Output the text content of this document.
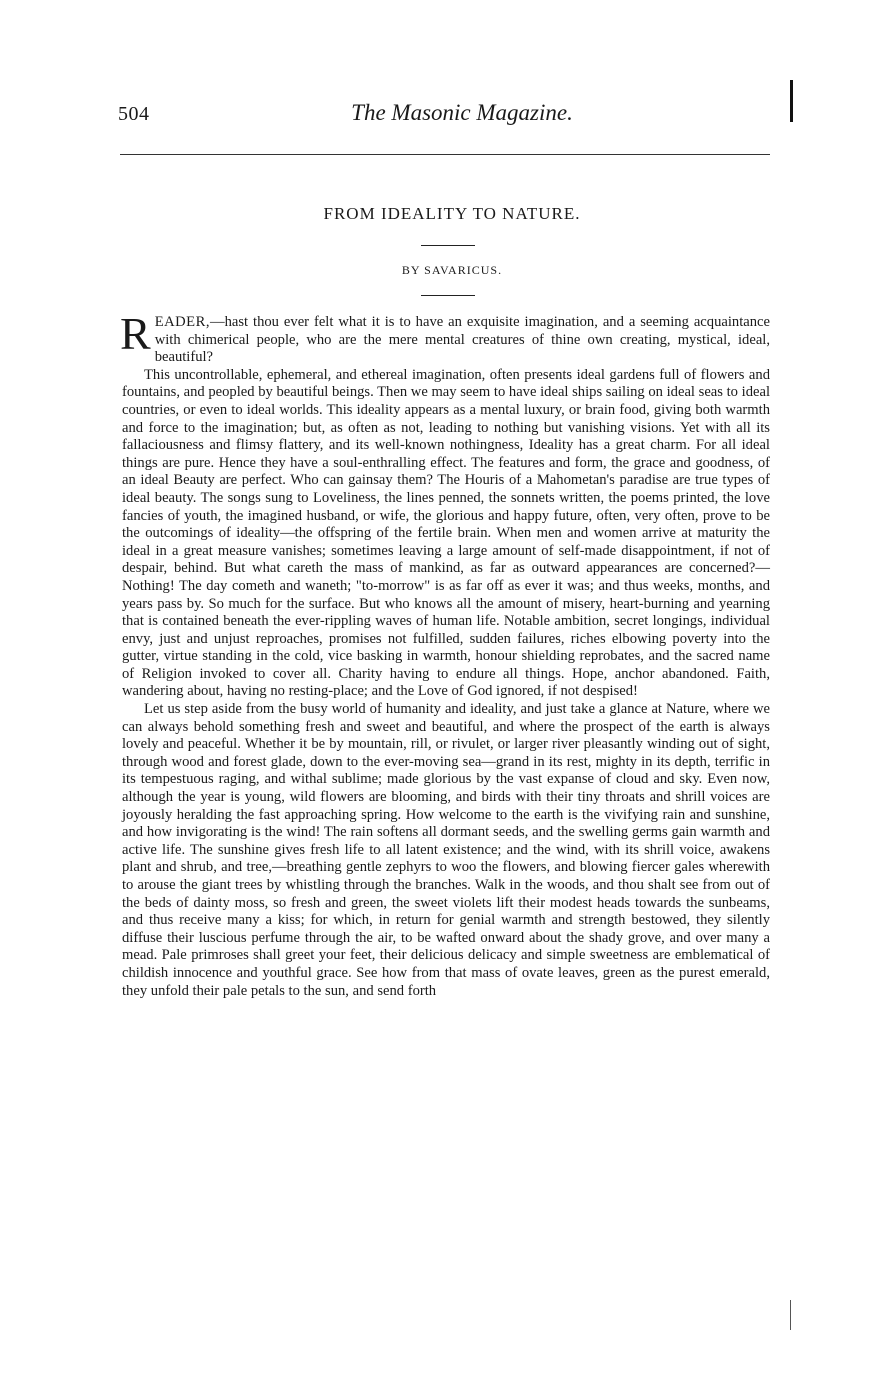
504	The Masonic Magazine.
FROM IDEALITY TO NATURE.
BY SAVARICUS.

READER,—hast thou ever felt what it is to have an exquisite imagination, and a seeming acquaintance with chimerical people, who are the mere mental creatures of thine own creating, mystical, ideal, beautiful?

This uncontrollable, ephemeral, and ethereal imagination, often presents ideal gardens full of flowers and fountains, and peopled by beautiful beings. Then we may seem to have ideal ships sailing on ideal seas to ideal countries, or even to ideal worlds. This ideality appears as a mental luxury, or brain food, giving both warmth and force to the imagination; but, as often as not, leading to nothing but vanishing visions. Yet with all its fallaciousness and flimsy flattery, and its well-known nothingness, Ideality has a great charm. For all ideal things are pure. Hence they have a soul-enthralling effect. The features and form, the grace and goodness, of an ideal Beauty are perfect. Who can gainsay them? The Houris of a Mahometan's paradise are true types of ideal beauty. The songs sung to Loveliness, the lines penned, the sonnets written, the poems printed, the love fancies of youth, the imagined husband, or wife, the glorious and happy future, often, very often, prove to be the outcomings of ideality—the offspring of the fertile brain. When men and women arrive at maturity the ideal in a great measure vanishes; sometimes leaving a large amount of self-made disappointment, if not of despair, behind. But what careth the mass of mankind, as far as outward appearances are concerned?—Nothing! The day cometh and waneth; "to-morrow" is as far off as ever it was; and thus weeks, months, and years pass by. So much for the surface. But who knows all the amount of misery, heart-burning and yearning that is contained beneath the ever-rippling waves of human life. Notable ambition, secret longings, individual envy, just and unjust reproaches, promises not fulfilled, sudden failures, riches elbowing poverty into the gutter, virtue standing in the cold, vice basking in warmth, honour shielding reprobates, and the sacred name of Religion invoked to cover all. Charity having to endure all things. Hope, anchor abandoned. Faith, wandering about, having no resting-place; and the Love of God ignored, if not despised!

Let us step aside from the busy world of humanity and ideality, and just take a glance at Nature, where we can always behold something fresh and sweet and beautiful, and where the prospect of the earth is always lovely and peaceful. Whether it be by mountain, rill, or rivulet, or larger river pleasantly winding out of sight, through wood and forest glade, down to the ever-moving sea—grand in its rest, mighty in its depth, terrific in its tempestuous raging, and withal sublime; made glorious by the vast expanse of cloud and sky. Even now, although the year is young, wild flowers are blooming, and birds with their tiny throats and shrill voices are joyously heralding the fast approaching spring. How welcome to the earth is the vivifying rain and sunshine, and how invigorating is the wind! The rain softens all dormant seeds, and the swelling germs gain warmth and active life. The sunshine gives fresh life to all latent existence; and the wind, with its shrill voice, awakens plant and shrub, and tree,—breathing gentle zephyrs to woo the flowers, and blowing fiercer gales wherewith to arouse the giant trees by whistling through the branches. Walk in the woods, and thou shalt see from out of the beds of dainty moss, so fresh and green, the sweet violets lift their modest heads towards the sunbeams, and thus receive many a kiss; for which, in return for genial warmth and strength bestowed, they silently diffuse their luscious perfume through the air, to be wafted onward about the shady grove, and over many a mead. Pale primroses shall greet your feet, their delicious delicacy and simple sweetness are emblematical of childish innocence and youthful grace. See how from that mass of ovate leaves, green as the purest emerald, they unfold their pale petals to the sun, and send forth
